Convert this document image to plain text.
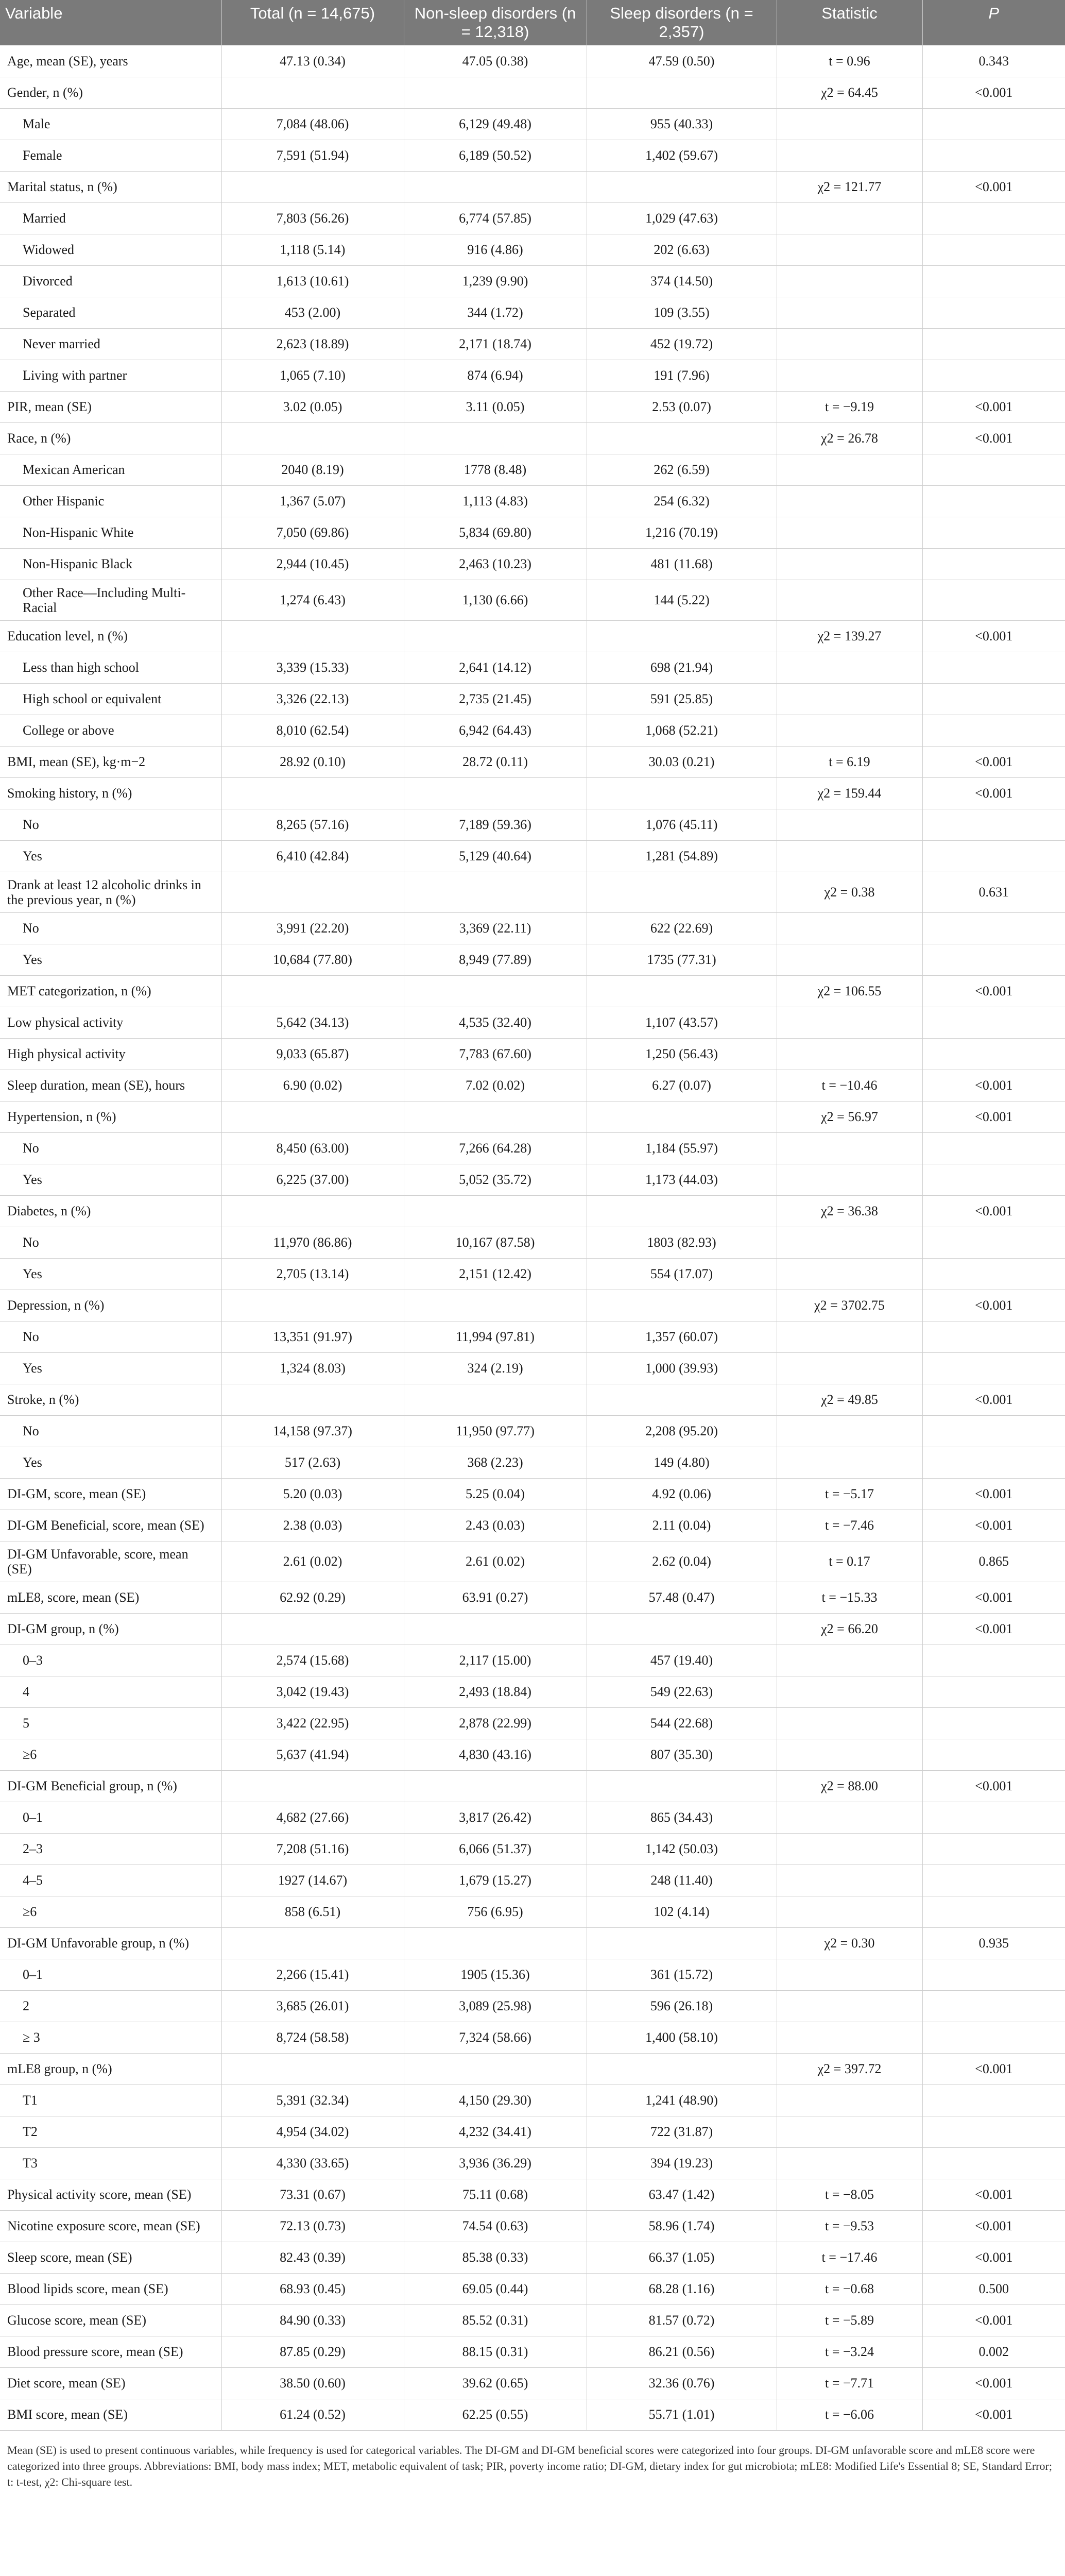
Variable	Total (n = 14,675)	Non-sleep disorders (n = 12,318)	Sleep disorders (n = 2,357)	Statistic	P
Age, mean (SE), years	47.13 (0.34)	47.05 (0.38)	47.59 (0.50)	t = 0.96	0.343
Gender, n (%)				χ2 = 64.45	<0.001
Male	7,084 (48.06)	6,129 (49.48)	955 (40.33)		
Female	7,591 (51.94)	6,189 (50.52)	1,402 (59.67)		
Marital status, n (%)				χ2 = 121.77	<0.001
Married	7,803 (56.26)	6,774 (57.85)	1,029 (47.63)		
Widowed	1,118 (5.14)	916 (4.86)	202 (6.63)		
Divorced	1,613 (10.61)	1,239 (9.90)	374 (14.50)		
Separated	453 (2.00)	344 (1.72)	109 (3.55)		
Never married	2,623 (18.89)	2,171 (18.74)	452 (19.72)		
Living with partner	1,065 (7.10)	874 (6.94)	191 (7.96)		
PIR, mean (SE)	3.02 (0.05)	3.11 (0.05)	2.53 (0.07)	t = −9.19	<0.001
Race, n (%)				χ2 = 26.78	<0.001
Mexican American	2040 (8.19)	1778 (8.48)	262 (6.59)		
Other Hispanic	1,367 (5.07)	1,113 (4.83)	254 (6.32)		
Non-Hispanic White	7,050 (69.86)	5,834 (69.80)	1,216 (70.19)		
Non-Hispanic Black	2,944 (10.45)	2,463 (10.23)	481 (11.68)		
Other Race—Including Multi-Racial	1,274 (6.43)	1,130 (6.66)	144 (5.22)		
Education level, n (%)				χ2 = 139.27	<0.001
Less than high school	3,339 (15.33)	2,641 (14.12)	698 (21.94)		
High school or equivalent	3,326 (22.13)	2,735 (21.45)	591 (25.85)		
College or above	8,010 (62.54)	6,942 (64.43)	1,068 (52.21)		
BMI, mean (SE), kg·m−2	28.92 (0.10)	28.72 (0.11)	30.03 (0.21)	t = 6.19	<0.001
Smoking history, n (%)				χ2 = 159.44	<0.001
No	8,265 (57.16)	7,189 (59.36)	1,076 (45.11)		
Yes	6,410 (42.84)	5,129 (40.64)	1,281 (54.89)		
Drank at least 12 alcoholic drinks in the previous year, n (%)				χ2 = 0.38	0.631
No	3,991 (22.20)	3,369 (22.11)	622 (22.69)		
Yes	10,684 (77.80)	8,949 (77.89)	1735 (77.31)		
MET categorization, n (%)				χ2 = 106.55	<0.001
Low physical activity	5,642 (34.13)	4,535 (32.40)	1,107 (43.57)		
High physical activity	9,033 (65.87)	7,783 (67.60)	1,250 (56.43)		
Sleep duration, mean (SE), hours	6.90 (0.02)	7.02 (0.02)	6.27 (0.07)	t = −10.46	<0.001
Hypertension, n (%)				χ2 = 56.97	<0.001
No	8,450 (63.00)	7,266 (64.28)	1,184 (55.97)		
Yes	6,225 (37.00)	5,052 (35.72)	1,173 (44.03)		
Diabetes, n (%)				χ2 = 36.38	<0.001
No	11,970 (86.86)	10,167 (87.58)	1803 (82.93)		
Yes	2,705 (13.14)	2,151 (12.42)	554 (17.07)		
Depression, n (%)				χ2 = 3702.75	<0.001
No	13,351 (91.97)	11,994 (97.81)	1,357 (60.07)		
Yes	1,324 (8.03)	324 (2.19)	1,000 (39.93)		
Stroke, n (%)				χ2 = 49.85	<0.001
No	14,158 (97.37)	11,950 (97.77)	2,208 (95.20)		
Yes	517 (2.63)	368 (2.23)	149 (4.80)		
DI-GM, score, mean (SE)	5.20 (0.03)	5.25 (0.04)	4.92 (0.06)	t = −5.17	<0.001
DI-GM Beneficial, score, mean (SE)	2.38 (0.03)	2.43 (0.03)	2.11 (0.04)	t = −7.46	<0.001
DI-GM Unfavorable, score, mean (SE)	2.61 (0.02)	2.61 (0.02)	2.62 (0.04)	t = 0.17	0.865
mLE8, score, mean (SE)	62.92 (0.29)	63.91 (0.27)	57.48 (0.47)	t = −15.33	<0.001
DI-GM group, n (%)				χ2 = 66.20	<0.001
0–3	2,574 (15.68)	2,117 (15.00)	457 (19.40)		
4	3,042 (19.43)	2,493 (18.84)	549 (22.63)		
5	3,422 (22.95)	2,878 (22.99)	544 (22.68)		
≥6	5,637 (41.94)	4,830 (43.16)	807 (35.30)		
DI-GM Beneficial group, n (%)				χ2 = 88.00	<0.001
0–1	4,682 (27.66)	3,817 (26.42)	865 (34.43)		
2–3	7,208 (51.16)	6,066 (51.37)	1,142 (50.03)		
4–5	1927 (14.67)	1,679 (15.27)	248 (11.40)		
≥6	858 (6.51)	756 (6.95)	102 (4.14)		
DI-GM Unfavorable group, n (%)				χ2 = 0.30	0.935
0–1	2,266 (15.41)	1905 (15.36)	361 (15.72)		
2	3,685 (26.01)	3,089 (25.98)	596 (26.18)		
≥ 3	8,724 (58.58)	7,324 (58.66)	1,400 (58.10)		
mLE8 group, n (%)				χ2 = 397.72	<0.001
T1	5,391 (32.34)	4,150 (29.30)	1,241 (48.90)		
T2	4,954 (34.02)	4,232 (34.41)	722 (31.87)		
T3	4,330 (33.65)	3,936 (36.29)	394 (19.23)		
Physical activity score, mean (SE)	73.31 (0.67)	75.11 (0.68)	63.47 (1.42)	t = −8.05	<0.001
Nicotine exposure score, mean (SE)	72.13 (0.73)	74.54 (0.63)	58.96 (1.74)	t = −9.53	<0.001
Sleep score, mean (SE)	82.43 (0.39)	85.38 (0.33)	66.37 (1.05)	t = −17.46	<0.001
Blood lipids score, mean (SE)	68.93 (0.45)	69.05 (0.44)	68.28 (1.16)	t = −0.68	0.500
Glucose score, mean (SE)	84.90 (0.33)	85.52 (0.31)	81.57 (0.72)	t = −5.89	<0.001
Blood pressure score, mean (SE)	87.85 (0.29)	88.15 (0.31)	86.21 (0.56)	t = −3.24	0.002
Diet score, mean (SE)	38.50 (0.60)	39.62 (0.65)	32.36 (0.76)	t = −7.71	<0.001
BMI score, mean (SE)	61.24 (0.52)	62.25 (0.55)	55.71 (1.01)	t = −6.06	<0.001
Mean (SE) is used to present continuous variables, while frequency is used for categorical variables. The DI-GM and DI-GM beneficial scores were categorized into four groups. DI-GM unfavorable score and mLE8 score were categorized into three groups. Abbreviations: BMI, body mass index; MET, metabolic equivalent of task; PIR, poverty income ratio; DI-GM, dietary index for gut microbiota; mLE8: Modified Life's Essential 8; SE, Standard Error; t: t-test, χ2: Chi-square test.
